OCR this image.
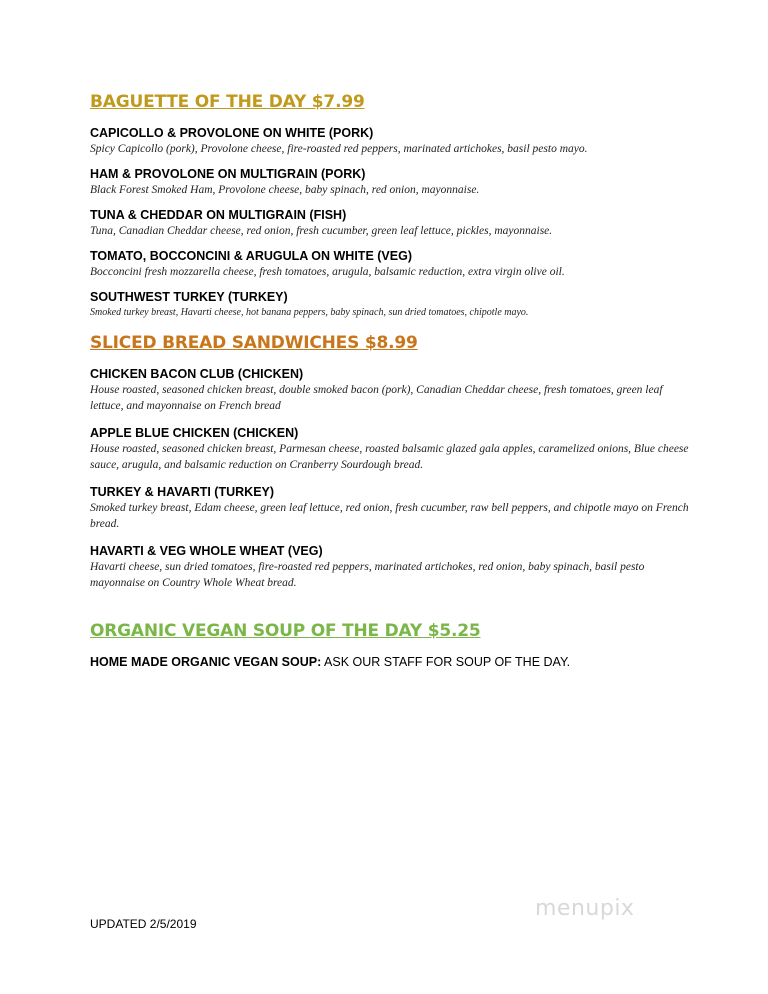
BAGUETTE OF THE DAY $7.99
CAPICOLLO & PROVOLONE ON WHITE (PORK)
Spicy Capicollo (pork), Provolone cheese, fire-roasted red peppers, marinated artichokes, basil pesto mayo.
HAM & PROVOLONE ON MULTIGRAIN (PORK)
Black Forest Smoked Ham, Provolone cheese, baby spinach, red onion, mayonnaise.
TUNA & CHEDDAR ON MULTIGRAIN (FISH)
Tuna, Canadian Cheddar cheese, red onion, fresh cucumber, green leaf lettuce, pickles, mayonnaise.
TOMATO, BOCCONCINI & ARUGULA ON WHITE (VEG)
Bocconcini fresh mozzarella cheese, fresh tomatoes, arugula, balsamic reduction, extra virgin olive oil.
SOUTHWEST TURKEY (TURKEY)
Smoked turkey breast, Havarti cheese, hot banana peppers, baby spinach, sun dried tomatoes, chipotle mayo.
SLICED BREAD SANDWICHES $8.99
CHICKEN BACON CLUB (CHICKEN)
House roasted, seasoned chicken breast, double smoked bacon (pork), Canadian Cheddar cheese, fresh tomatoes, green leaf lettuce, and mayonnaise on French bread
APPLE BLUE CHICKEN (CHICKEN)
House roasted, seasoned chicken breast, Parmesan cheese, roasted balsamic glazed gala apples, caramelized onions, Blue cheese sauce, arugula, and balsamic reduction on Cranberry Sourdough bread.
TURKEY & HAVARTI (TURKEY)
Smoked turkey breast, Edam cheese, green leaf lettuce, red onion, fresh cucumber, raw bell peppers, and chipotle mayo on French bread.
HAVARTI & VEG WHOLE WHEAT (VEG)
Havarti cheese, sun dried tomatoes, fire-roasted red peppers, marinated artichokes, red onion, baby spinach, basil pesto mayonnaise on Country Whole Wheat bread.
ORGANIC VEGAN SOUP OF THE DAY $5.25
HOME MADE ORGANIC VEGAN SOUP: ASK OUR STAFF FOR SOUP OF THE DAY.
UPDATED 2/5/2019
menupix
